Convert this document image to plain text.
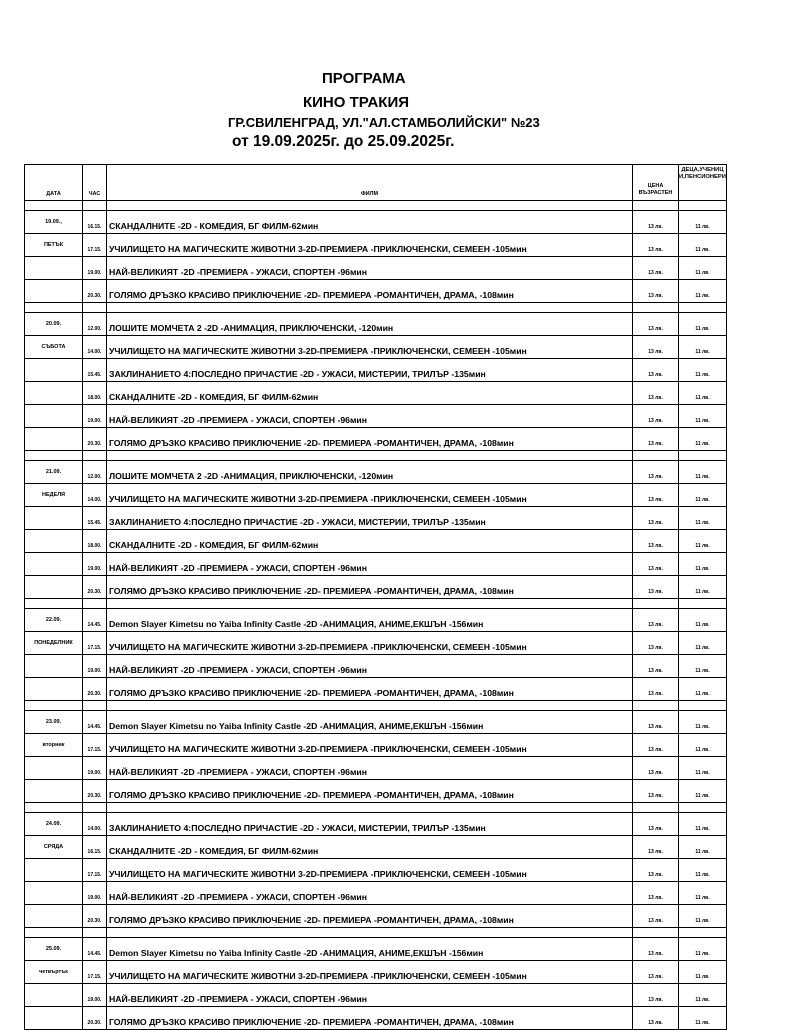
ПРОГРАМА
КИНО ТРАКИЯ
ГР.СВИЛЕНГРАД, УЛ."АЛ.СТАМБОЛИЙСКИ" №23
от 19.09.2025г. до 25.09.2025г.
ДАТА	ЧАС	ФИЛМ	ЦЕНА ВЪЗРАСТЕН	ДЕЦА,УЧЕНИЦИ,ПЕНСИОНЕРИ

19.09.,	16.15.	СКАНДАЛНИТЕ -2D - КОМЕДИЯ, БГ ФИЛМ-62мин	13 лв.	11 лв.
ПЕТЪК	17.15.	УЧИЛИЩЕТО НА МАГИЧЕСКИТЕ ЖИВОТНИ 3-2D-ПРЕМИЕРА -ПРИКЛЮЧЕНСКИ, СЕМЕЕН -105мин	13 лв.	11 лв.
	19.00.	НАЙ-ВЕЛИКИЯТ -2D -ПРЕМИЕРА - УЖАСИ, СПОРТЕН -96мин	13 лв.	11 лв.
	20.30.	ГОЛЯМО ДРЪЗКО КРАСИВО ПРИКЛЮЧЕНИЕ -2D- ПРЕМИЕРА -РОМАНТИЧЕН, ДРАМА, -108мин	13 лв.	11 лв.

20.09.	12.00.	ЛОШИТЕ МОМЧЕТА 2 -2D -АНИМАЦИЯ, ПРИКЛЮЧЕНСКИ, -120мин	13 лв.	11 лв.
СЪБОТА	14.00.	УЧИЛИЩЕТО НА МАГИЧЕСКИТЕ ЖИВОТНИ 3-2D-ПРЕМИЕРА -ПРИКЛЮЧЕНСКИ, СЕМЕЕН -105мин	13 лв.	11 лв.
	15.45.	ЗАКЛИНАНИЕТО 4:ПОСЛЕДНО ПРИЧАСТИЕ -2D - УЖАСИ, МИСТЕРИИ, ТРИЛЪР -135мин	13 лв.	11 лв.
	18.00.	СКАНДАЛНИТЕ -2D - КОМЕДИЯ, БГ ФИЛМ-62мин	13 лв.	11 лв.
	19.00.	НАЙ-ВЕЛИКИЯТ -2D -ПРЕМИЕРА - УЖАСИ, СПОРТЕН -96мин	13 лв.	11 лв.
	20.30.	ГОЛЯМО ДРЪЗКО КРАСИВО ПРИКЛЮЧЕНИЕ -2D- ПРЕМИЕРА -РОМАНТИЧЕН, ДРАМА, -108мин	13 лв.	11 лв.

21.09.	12.00.	ЛОШИТЕ МОМЧЕТА 2 -2D -АНИМАЦИЯ, ПРИКЛЮЧЕНСКИ, -120мин	13 лв.	11 лв.
НЕДЕЛЯ	14.00.	УЧИЛИЩЕТО НА МАГИЧЕСКИТЕ ЖИВОТНИ 3-2D-ПРЕМИЕРА -ПРИКЛЮЧЕНСКИ, СЕМЕЕН -105мин	13 лв.	11 лв.
	15.45.	ЗАКЛИНАНИЕТО 4:ПОСЛЕДНО ПРИЧАСТИЕ -2D - УЖАСИ, МИСТЕРИИ, ТРИЛЪР -135мин	13 лв.	11 лв.
	18.00.	СКАНДАЛНИТЕ -2D - КОМЕДИЯ, БГ ФИЛМ-62мин	13 лв.	11 лв.
	19.00.	НАЙ-ВЕЛИКИЯТ -2D -ПРЕМИЕРА - УЖАСИ, СПОРТЕН -96мин	13 лв.	11 лв.
	20.30.	ГОЛЯМО ДРЪЗКО КРАСИВО ПРИКЛЮЧЕНИЕ -2D- ПРЕМИЕРА -РОМАНТИЧЕН, ДРАМА, -108мин	13 лв.	11 лв.

22.09.	14.45.	Demon Slayer Kimetsu no Yaiba Infinity Castle -2D -АНИМАЦИЯ, АНИМЕ,ЕКШЪН -156мин	13 лв.	11 лв.
ПОНЕДЕЛНИК	17.15.	УЧИЛИЩЕТО НА МАГИЧЕСКИТЕ ЖИВОТНИ 3-2D-ПРЕМИЕРА -ПРИКЛЮЧЕНСКИ, СЕМЕЕН -105мин	13 лв.	11 лв.
	19.00.	НАЙ-ВЕЛИКИЯТ -2D -ПРЕМИЕРА - УЖАСИ, СПОРТЕН -96мин	13 лв.	11 лв.
	20.30.	ГОЛЯМО ДРЪЗКО КРАСИВО ПРИКЛЮЧЕНИЕ -2D- ПРЕМИЕРА -РОМАНТИЧЕН, ДРАМА, -108мин	13 лв.	11 лв.

23.09.	14.45.	Demon Slayer Kimetsu no Yaiba Infinity Castle -2D -АНИМАЦИЯ, АНИМЕ,ЕКШЪН -156мин	13 лв.	11 лв.
вторник	17.15.	УЧИЛИЩЕТО НА МАГИЧЕСКИТЕ ЖИВОТНИ 3-2D-ПРЕМИЕРА -ПРИКЛЮЧЕНСКИ, СЕМЕЕН -105мин	13 лв.	11 лв.
	19.00.	НАЙ-ВЕЛИКИЯТ -2D -ПРЕМИЕРА - УЖАСИ, СПОРТЕН -96мин	13 лв.	11 лв.
	20.30.	ГОЛЯМО ДРЪЗКО КРАСИВО ПРИКЛЮЧЕНИЕ -2D- ПРЕМИЕРА -РОМАНТИЧЕН, ДРАМА, -108мин	13 лв.	11 лв.

24.09.	14.00.	ЗАКЛИНАНИЕТО 4:ПОСЛЕДНО ПРИЧАСТИЕ -2D - УЖАСИ, МИСТЕРИИ, ТРИЛЪР -135мин	13 лв.	11 лв.
СРЯДА	16.15.	СКАНДАЛНИТЕ -2D - КОМЕДИЯ, БГ ФИЛМ-62мин	13 лв.	11 лв.
	17.15.	УЧИЛИЩЕТО НА МАГИЧЕСКИТЕ ЖИВОТНИ 3-2D-ПРЕМИЕРА -ПРИКЛЮЧЕНСКИ, СЕМЕЕН -105мин	13 лв.	11 лв.
	19.00.	НАЙ-ВЕЛИКИЯТ -2D -ПРЕМИЕРА - УЖАСИ, СПОРТЕН -96мин	13 лв.	11 лв.
	20.30.	ГОЛЯМО ДРЪЗКО КРАСИВО ПРИКЛЮЧЕНИЕ -2D- ПРЕМИЕРА -РОМАНТИЧЕН, ДРАМА, -108мин	13 лв.	11 лв.

25.09.	14.45.	Demon Slayer Kimetsu no Yaiba Infinity Castle -2D -АНИМАЦИЯ, АНИМЕ,ЕКШЪН -156мин	13 лв.	11 лв.
четвъртък	17.15.	УЧИЛИЩЕТО НА МАГИЧЕСКИТЕ ЖИВОТНИ 3-2D-ПРЕМИЕРА -ПРИКЛЮЧЕНСКИ, СЕМЕЕН -105мин	13 лв.	11 лв.
	19.00.	НАЙ-ВЕЛИКИЯТ -2D -ПРЕМИЕРА - УЖАСИ, СПОРТЕН -96мин	13 лв.	11 лв.
	20.30.	ГОЛЯМО ДРЪЗКО КРАСИВО ПРИКЛЮЧЕНИЕ -2D- ПРЕМИЕРА -РОМАНТИЧЕН, ДРАМА, -108мин	13 лв.	11 лв.
